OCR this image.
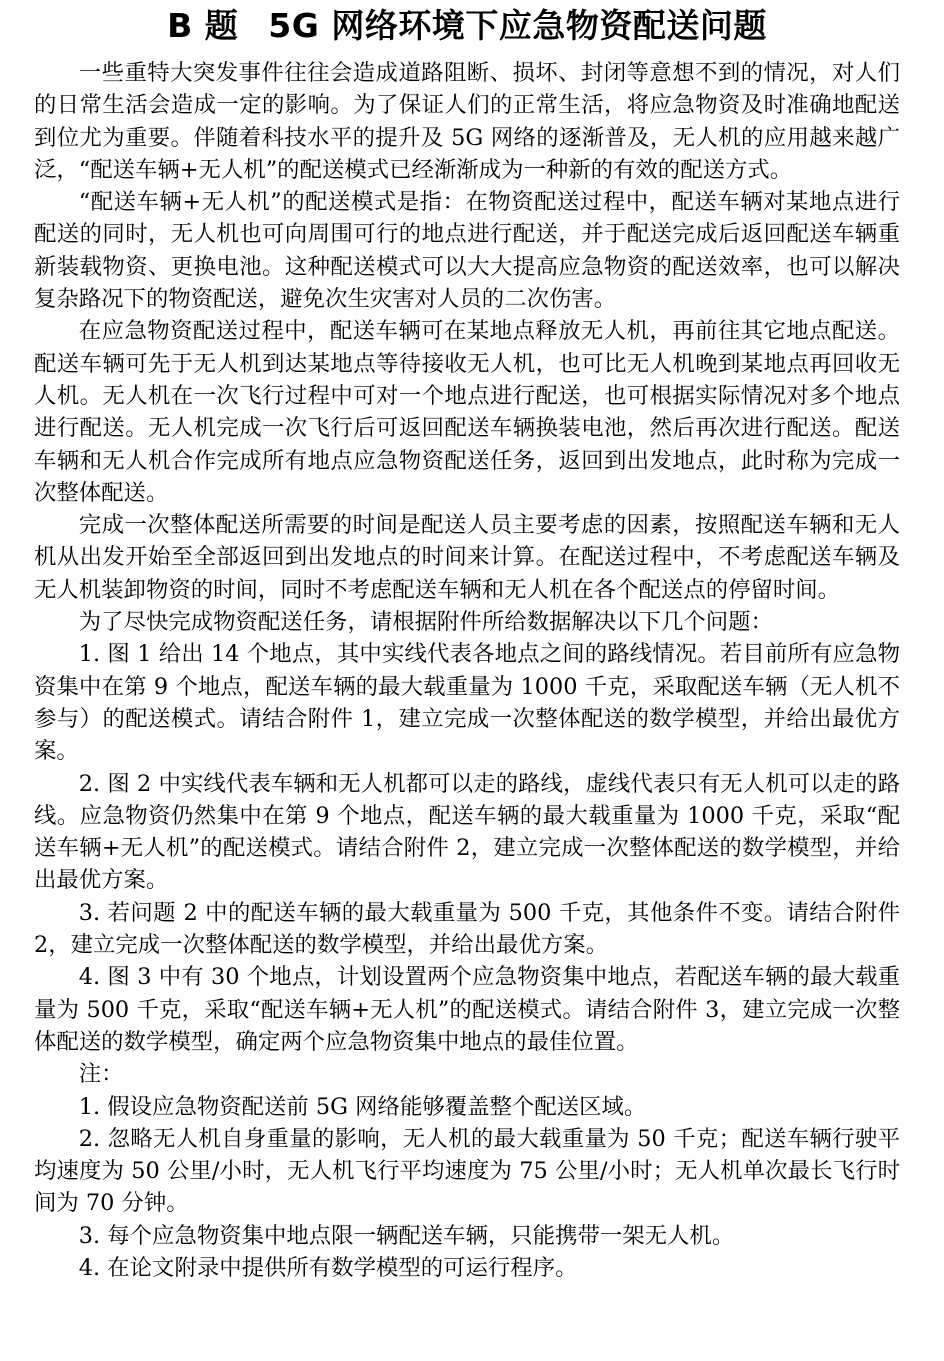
B 题 5G 网络环境下应急物资配送问题

一些重特大突发事件往往会造成道路阻断、损坏、封闭等意想不到的情况，对人们的日常生活会造成一定的影响。为了保证人们的正常生活，将应急物资及时准确地配送到位尤为重要。伴随着科技水平的提升及 5G 网络的逐渐普及，无人机的应用越来越广泛，“配送车辆+无人机”的配送模式已经渐渐成为一种新的有效的配送方式。

“配送车辆+无人机”的配送模式是指：在物资配送过程中，配送车辆对某地点进行配送的同时，无人机也可向周围可行的地点进行配送，并于配送完成后返回配送车辆重新装载物资、更换电池。这种配送模式可以大大提高应急物资的配送效率，也可以解决复杂路况下的物资配送，避免次生灾害对人员的二次伤害。

在应急物资配送过程中，配送车辆可在某地点释放无人机，再前往其它地点配送。配送车辆可先于无人机到达某地点等待接收无人机，也可比无人机晚到某地点再回收无人机。无人机在一次飞行过程中可对一个地点进行配送，也可根据实际情况对多个地点进行配送。无人机完成一次飞行后可返回配送车辆换装电池，然后再次进行配送。配送车辆和无人机合作完成所有地点应急物资配送任务，返回到出发地点，此时称为完成一次整体配送。

完成一次整体配送所需要的时间是配送人员主要考虑的因素，按照配送车辆和无人机从出发开始至全部返回到出发地点的时间来计算。在配送过程中，不考虑配送车辆及无人机装卸物资的时间，同时不考虑配送车辆和无人机在各个配送点的停留时间。

为了尽快完成物资配送任务，请根据附件所给数据解决以下几个问题：

1. 图 1 给出 14 个地点，其中实线代表各地点之间的路线情况。若目前所有应急物资集中在第 9 个地点，配送车辆的最大载重量为 1000 千克，采取配送车辆（无人机不参与）的配送模式。请结合附件 1，建立完成一次整体配送的数学模型，并给出最优方案。

2. 图 2 中实线代表车辆和无人机都可以走的路线，虚线代表只有无人机可以走的路线。应急物资仍然集中在第 9 个地点，配送车辆的最大载重量为 1000 千克，采取“配送车辆+无人机”的配送模式。请结合附件 2，建立完成一次整体配送的数学模型，并给出最优方案。

3. 若问题 2 中的配送车辆的最大载重量为 500 千克，其他条件不变。请结合附件 2，建立完成一次整体配送的数学模型，并给出最优方案。

4. 图 3 中有 30 个地点，计划设置两个应急物资集中地点，若配送车辆的最大载重量为 500 千克，采取“配送车辆+无人机”的配送模式。请结合附件 3，建立完成一次整体配送的数学模型，确定两个应急物资集中地点的最佳位置。

注：

1. 假设应急物资配送前 5G 网络能够覆盖整个配送区域。

2. 忽略无人机自身重量的影响，无人机的最大载重量为 50 千克；配送车辆行驶平均速度为 50 公里/小时，无人机飞行平均速度为 75 公里/小时；无人机单次最长飞行时间为 70 分钟。

3. 每个应急物资集中地点限一辆配送车辆，只能携带一架无人机。

4. 在论文附录中提供所有数学模型的可运行程序。
